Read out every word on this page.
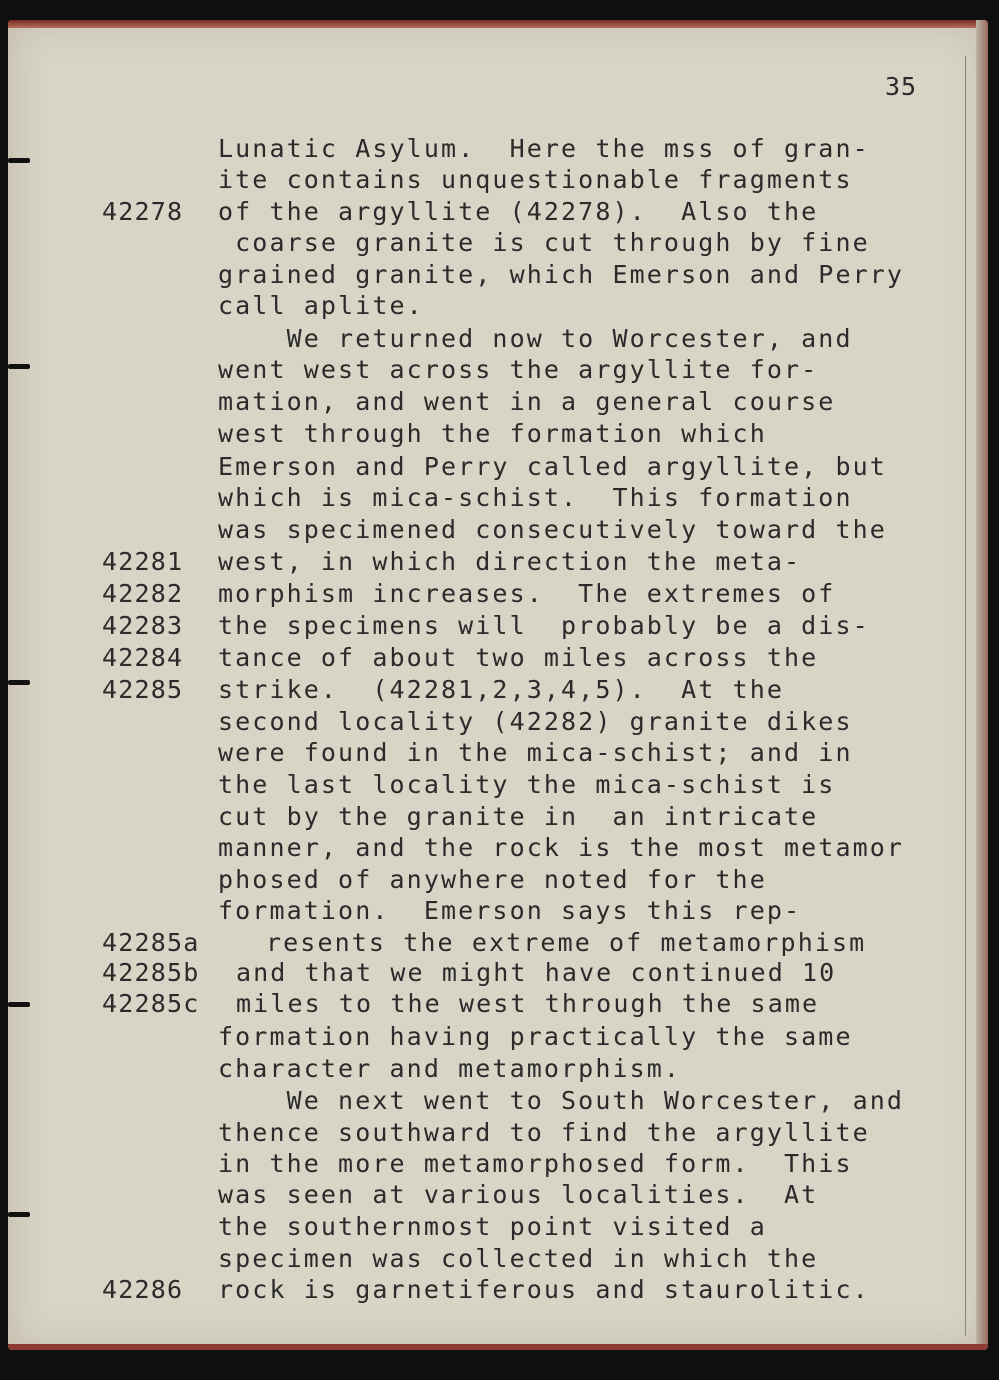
35
Lunatic Asylum.  Here the mss of gran-
ite contains unquestionable fragments
of the argyllite (42278).  Also the
coarse granite is cut through by fine
grained granite, which Emerson and Perry
call aplite.
We returned now to Worcester, and
went west across the argyllite for-
mation, and went in a general course
west through the formation which
Emerson and Perry called argyllite, but
which is mica-schist.  This formation
was specimened consecutively toward the
west, in which direction the meta-
morphism increases.  The extremes of
the specimens will  probably be a dis-
tance of about two miles across the
strike.  (42281,2,3,4,5).  At the
second locality (42282) granite dikes
were found in the mica-schist; and in
the last locality the mica-schist is
cut by the granite in  an intricate
manner, and the rock is the most metamor
phosed of anywhere noted for the
formation.  Emerson says this rep-
resents the extreme of metamorphism
and that we might have continued 10
miles to the west through the same
formation having practically the same
character and metamorphism.
We next went to South Worcester, and
thence southward to find the argyllite
in the more metamorphosed form.  This
was seen at various localities.  At
the southernmost point visited a
specimen was collected in which the
rock is garnetiferous and staurolitic.
42278
42281
42282
42283
42284
42285
42285a
42285b
42285c
42286
